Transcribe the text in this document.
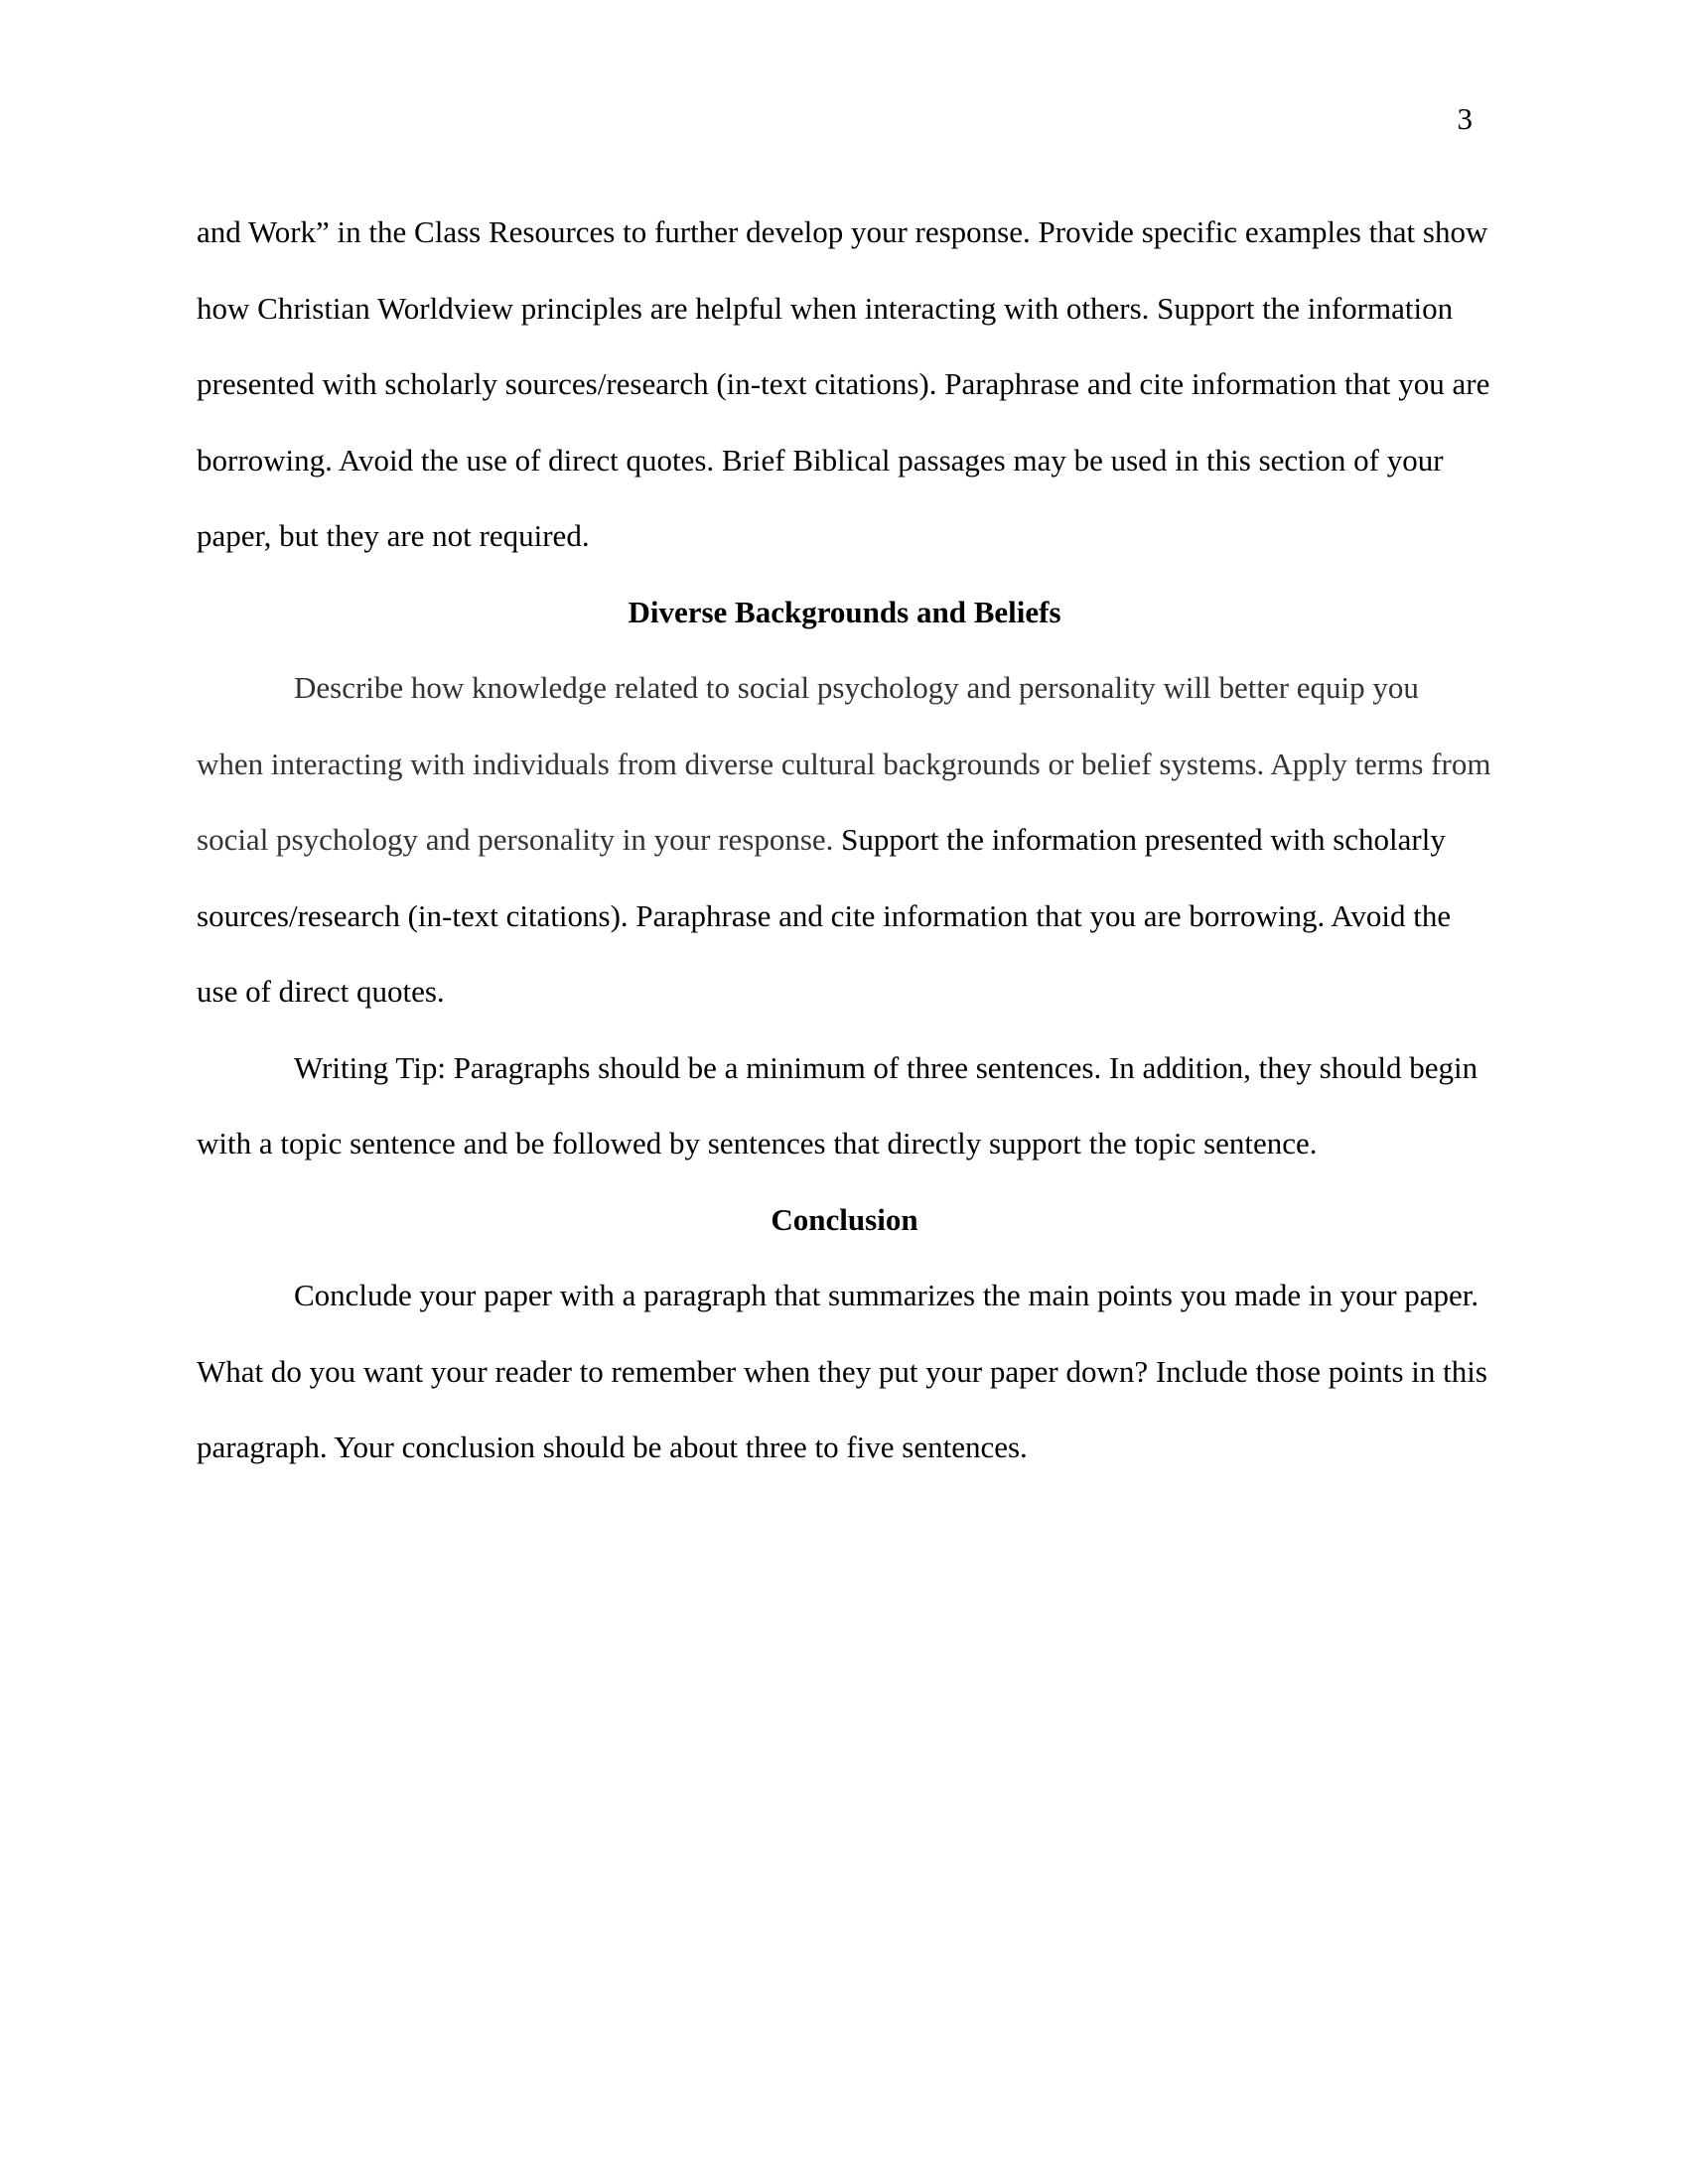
3

and Work” in the Class Resources to further develop your response. Provide specific examples that show how Christian Worldview principles are helpful when interacting with others. Support the information presented with scholarly sources/research (in-text citations). Paraphrase and cite information that you are borrowing. Avoid the use of direct quotes. Brief Biblical passages may be used in this section of your paper, but they are not required.

Diverse Backgrounds and Beliefs

Describe how knowledge related to social psychology and personality will better equip you when interacting with individuals from diverse cultural backgrounds or belief systems. Apply terms from social psychology and personality in your response. Support the information presented with scholarly sources/research (in-text citations). Paraphrase and cite information that you are borrowing. Avoid the use of direct quotes.

Writing Tip: Paragraphs should be a minimum of three sentences. In addition, they should begin with a topic sentence and be followed by sentences that directly support the topic sentence.

Conclusion

Conclude your paper with a paragraph that summarizes the main points you made in your paper. What do you want your reader to remember when they put your paper down? Include those points in this paragraph. Your conclusion should be about three to five sentences.
